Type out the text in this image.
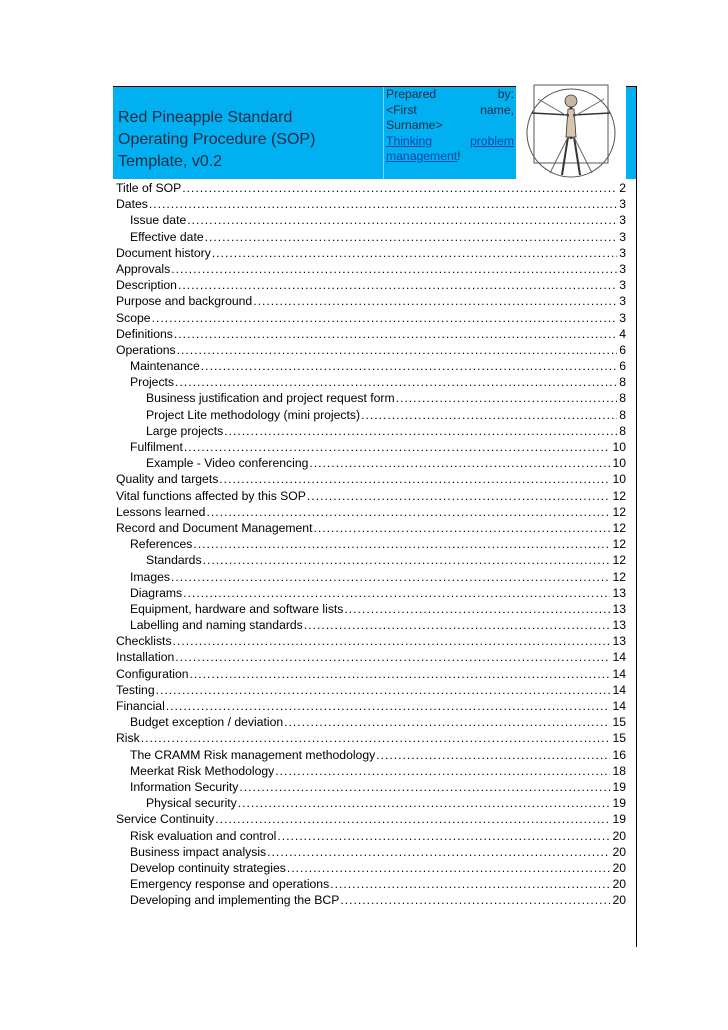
Red Pineapple Standard
Operating Procedure (SOP)
Template, v0.2
Prepared	by:
<First	name,
Surname>
Thinking	problem
management!
Title of SOP .....	2
Dates .....	3
Issue date .....	3
Effective date .....	3
Document history .....	3
Approvals .....	3
Description .....	3
Purpose and background .....	3
Scope .....	3
Definitions .....	4
Operations .....	6
Maintenance .....	6
Projects .....	8
Business justification and project request form .....	8
Project Lite methodology (mini projects) .....	8
Large projects .....	8
Fulfilment .....	10
Example - Video conferencing .....	10
Quality and targets .....	10
Vital functions affected by this SOP .....	12
Lessons learned .....	12
Record and Document Management .....	12
References .....	12
Standards .....	12
Images .....	12
Diagrams .....	13
Equipment, hardware and software lists .....	13
Labelling and naming standards .....	13
Checklists .....	13
Installation .....	14
Configuration .....	14
Testing .....	14
Financial .....	14
Budget exception / deviation .....	15
Risk .....	15
The CRAMM Risk management methodology .....	16
Meerkat Risk Methodology .....	18
Information Security .....	19
Physical security .....	19
Service Continuity .....	19
Risk evaluation and control .....	20
Business impact analysis .....	20
Develop continuity strategies .....	20
Emergency response and operations .....	20
Developing and implementing the BCP .....	20
